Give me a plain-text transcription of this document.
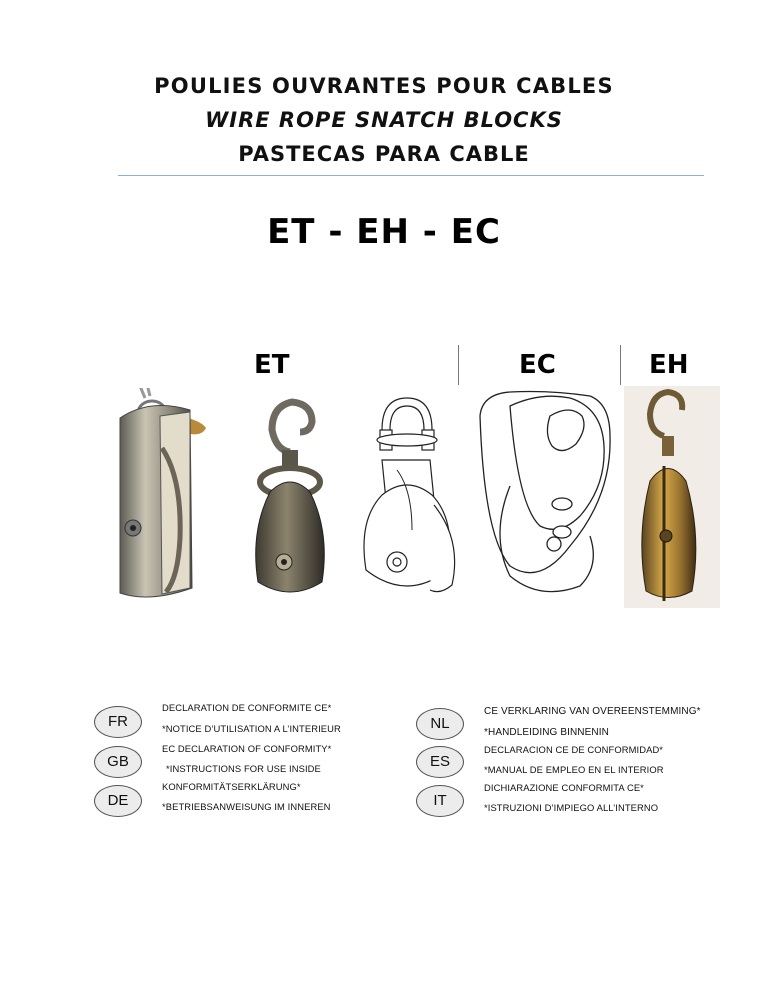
POULIES OUVRANTES POUR CABLES
WIRE ROPE SNATCH BLOCKS
PASTECAS PARA CABLE
ET - EH - EC
ET	EC	EH
FR
DECLARATION DE CONFORMITE CE*
*NOTICE D’UTILISATION A L’INTERIEUR
GB
EC DECLARATION OF CONFORMITY*
*INSTRUCTIONS FOR USE INSIDE
DE
KONFORMITÄTSERKLÄRUNG*
*BETRIEBSANWEISUNG IM INNEREN
NL
CE VERKLARING VAN OVEREENSTEMMING*
*HANDLEIDING BINNENIN
ES
DECLARACION CE DE CONFORMIDAD*
*MANUAL DE EMPLEO EN EL INTERIOR
IT
DICHIARAZIONE CONFORMITA CE*
*ISTRUZIONI D’IMPIEGO ALL’INTERNO
